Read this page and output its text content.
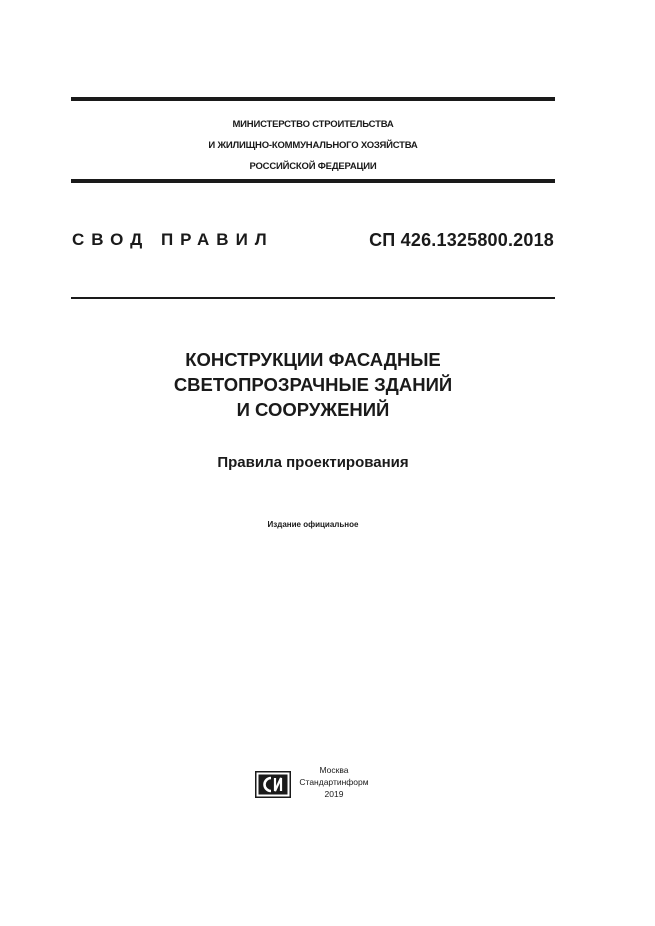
МИНИСТЕРСТВО СТРОИТЕЛЬСТВА
И ЖИЛИЩНО-КОММУНАЛЬНОГО ХОЗЯЙСТВА
РОССИЙСКОЙ ФЕДЕРАЦИИ
СВОД ПРАВИЛ	СП 426.1325800.2018
КОНСТРУКЦИИ ФАСАДНЫЕ
СВЕТОПРОЗРАЧНЫЕ ЗДАНИЙ
И СООРУЖЕНИЙ
Правила проектирования
Издание официальное
Москва
Стандартинформ
2019
